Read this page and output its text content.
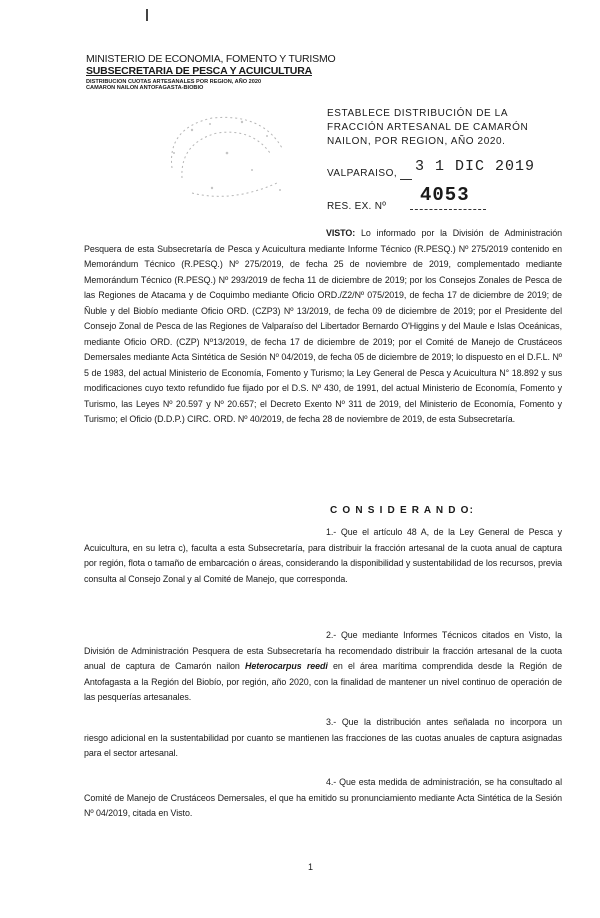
MINISTERIO DE ECONOMIA, FOMENTO Y TURISMO
SUBSECRETARIA DE PESCA Y ACUICULTURA
DISTRIBUCION CUOTAS ARTESANALES POR REGION, AÑO 2020
CAMARON NAILON ANTOFAGASTA-BIOBIO
ESTABLECE DISTRIBUCIÓN DE LA FRACCIÓN ARTESANAL DE CAMARÓN NAILON, POR REGION, AÑO 2020.
VALPARAISO, 3 1 DIC 2019
4053
RES. EX. Nº

VISTO: Lo informado por la División de Administración Pesquera de esta Subsecretaría de Pesca y Acuicultura mediante Informe Técnico (R.PESQ.) Nº 275/2019 contenido en Memorándum Técnico (R.PESQ.) Nº 275/2019, de fecha 25 de noviembre de 2019, complementado mediante Memorándum Técnico (R.PESQ.) Nº 293/2019 de fecha 11 de diciembre de 2019; por los Consejos Zonales de Pesca de las Regiones de Atacama y de Coquimbo mediante Oficio ORD./Z2/Nº 075/2019, de fecha 17 de diciembre de 2019; de Ñuble y del Biobío mediante Oficio ORD. (CZP3) Nº 13/2019, de fecha 09 de diciembre de 2019; por el Presidente del Consejo Zonal de Pesca de las Regiones de Valparaíso del Libertador Bernardo O'Higgins y del Maule e Islas Oceánicas, mediante Oficio ORD. (CZP) Nº13/2019, de fecha 17 de diciembre de 2019; por el Comité de Manejo de Crustáceos Demersales mediante Acta Sintética de Sesión Nº 04/2019, de fecha 05 de diciembre de 2019; lo dispuesto en el D.F.L. Nº 5 de 1983, del actual Ministerio de Economía, Fomento y Turismo; la Ley General de Pesca y Acuicultura N° 18.892 y sus modificaciones cuyo texto refundido fue fijado por el D.S. Nº 430, de 1991, del actual Ministerio de Economía, Fomento y Turismo, las Leyes Nº 20.597 y Nº 20.657; el Decreto Exento Nº 311 de 2019, del Ministerio de Economía, Fomento y Turismo; el Oficio (D.D.P.) CIRC. ORD. Nº 40/2019, de fecha 28 de noviembre de 2019, de esta Subsecretaría.

C O N S I D E R A N D O:

1.- Que el artículo 48 A, de la Ley General de Pesca y Acuicultura, en su letra c), faculta a esta Subsecretaría, para distribuir la fracción artesanal de la cuota anual de captura por región, flota o tamaño de embarcación o áreas, considerando la disponibilidad y sustentabilidad de los recursos, previa consulta al Consejo Zonal y al Comité de Manejo, que corresponda.

2.- Que mediante Informes Técnicos citados en Visto, la División de Administración Pesquera de esta Subsecretaría ha recomendado distribuir la fracción artesanal de la cuota anual de captura de Camarón nailon Heterocarpus reedi en el área marítima comprendida desde la Región de Antofagasta a la Región del Biobío, por región, año 2020, con la finalidad de mantener un nivel continuo de operación de las pesquerías artesanales.

3.- Que la distribución antes señalada no incorpora un riesgo adicional en la sustentabilidad por cuanto se mantienen las fracciones de las cuotas anuales de captura asignadas para el sector artesanal.

4.- Que esta medida de administración, se ha consultado al Comité de Manejo de Crustáceos Demersales, el que ha emitido su pronunciamiento mediante Acta Sintética de la Sesión Nº 04/2019, citada en Visto.

1
